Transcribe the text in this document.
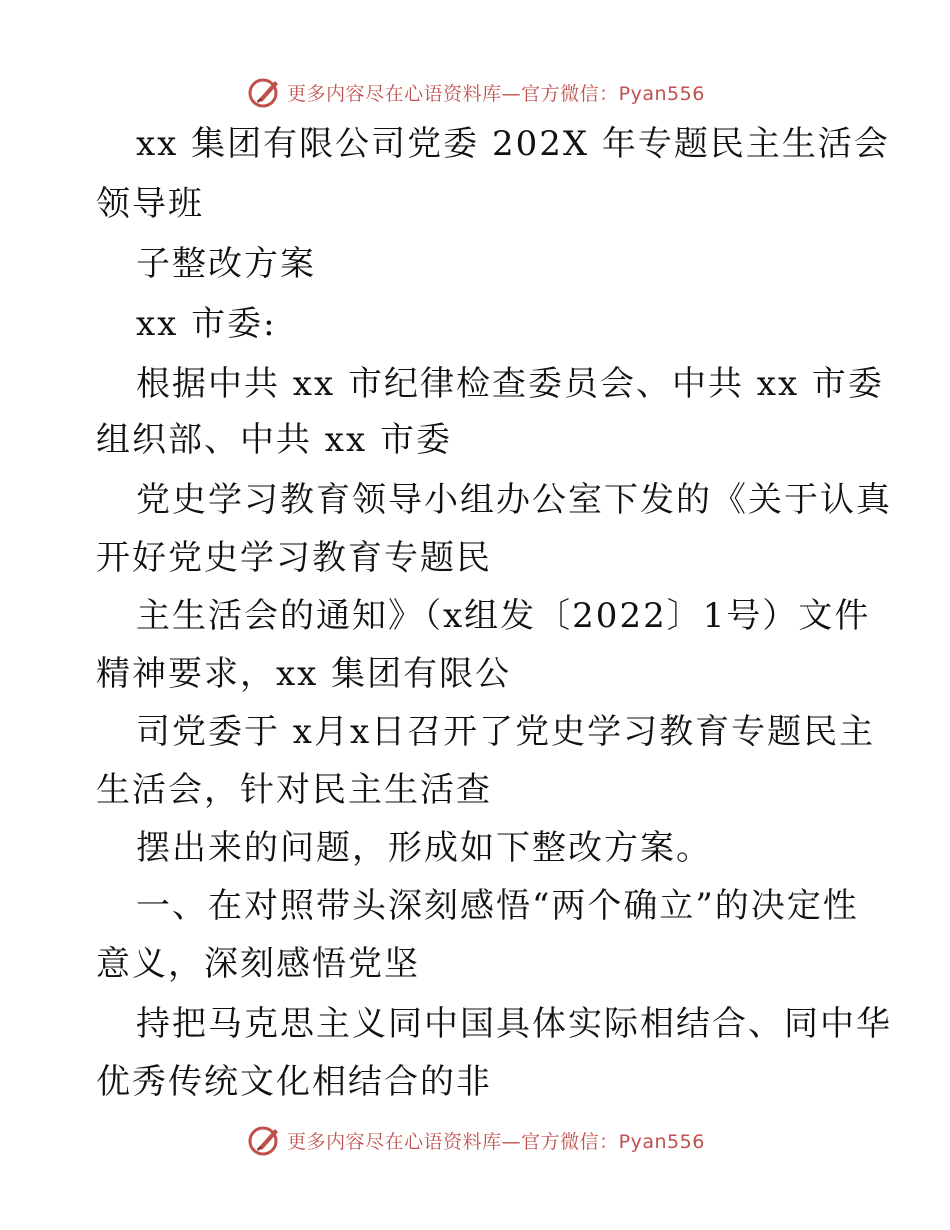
更多内容尽在心语资料库—官方微信：Pyan556
xx 集团有限公司党委 202X 年专题民主生活会
领导班
子整改方案
xx 市委:
根据中共 xx 市纪律检查委员会、中共 xx 市委
组织部、中共 xx 市委
党史学习教育领导小组办公室下发的《关于认真
开好党史学习教育专题民
主生活会的通知》（x组发〔2022〕1号）文件
精神要求，xx 集团有限公
司党委于 x月x日召开了党史学习教育专题民主
生活会，针对民主生活查
摆出来的问题，形成如下整改方案。
一、在对照带头深刻感悟“两个确立”的决定性
意义，深刻感悟党坚
持把马克思主义同中国具体实际相结合、同中华
优秀传统文化相结合的非
更多内容尽在心语资料库—官方微信：Pyan556
